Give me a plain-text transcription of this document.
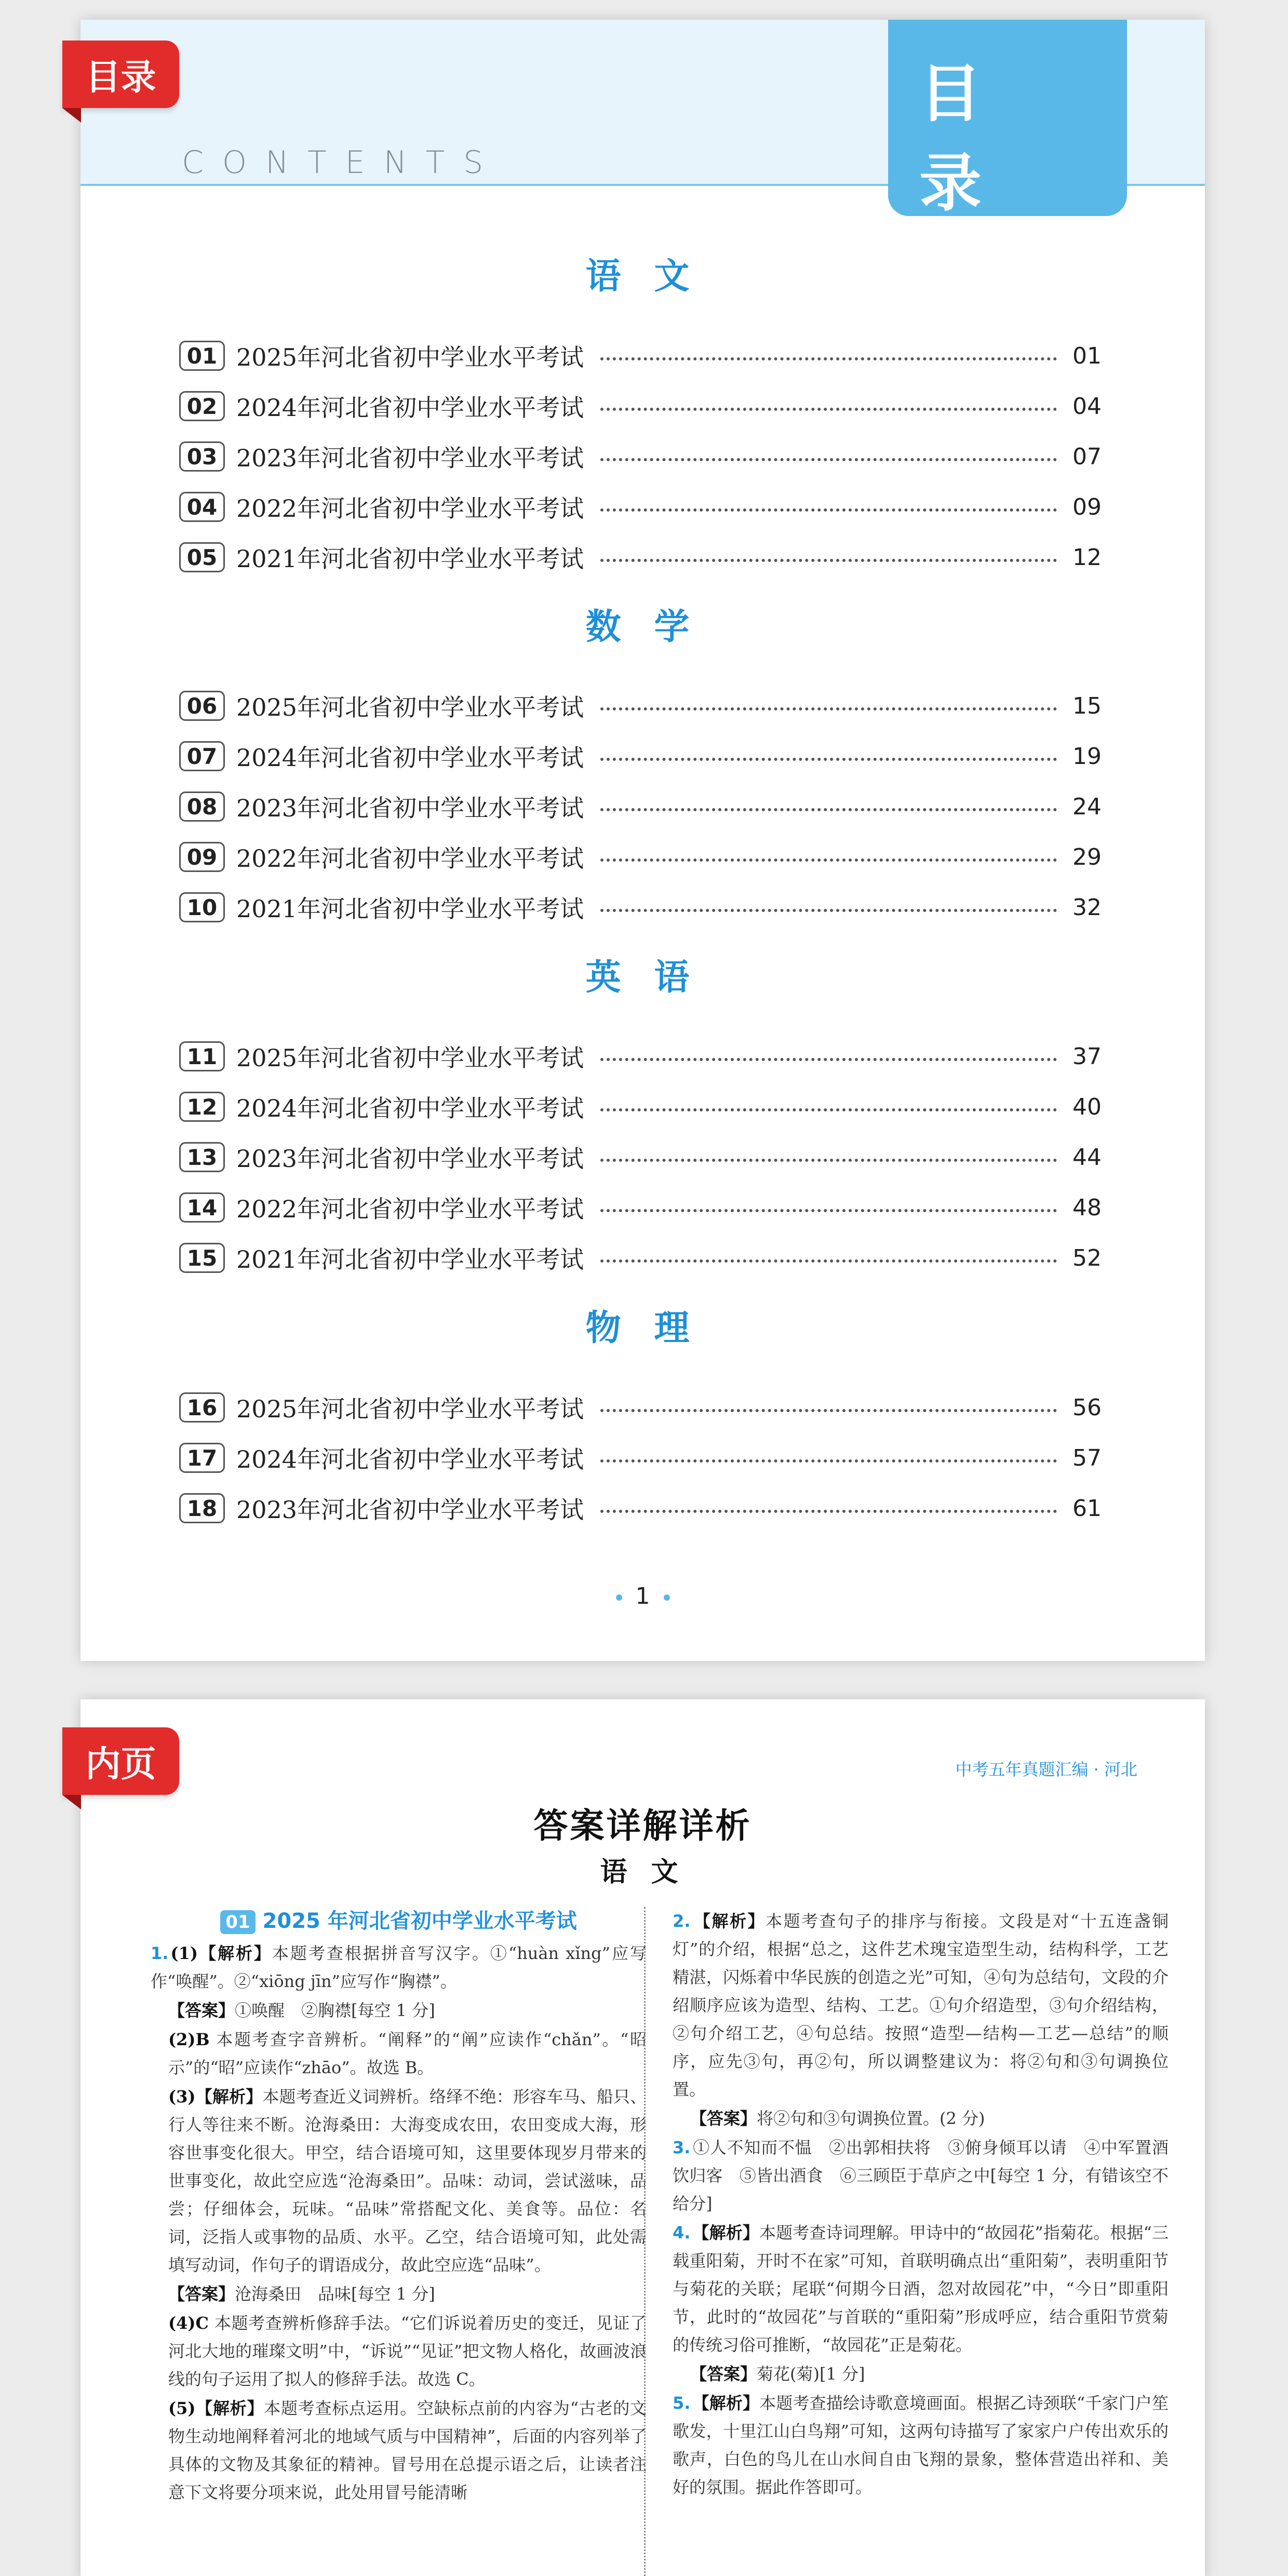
目录
CONTENTS
目 录
语 文
01 2025年河北省初中学业水平考试	01
02 2024年河北省初中学业水平考试	04
03 2023年河北省初中学业水平考试	07
04 2022年河北省初中学业水平考试	09
05 2021年河北省初中学业水平考试	12
数 学
06 2025年河北省初中学业水平考试	15
07 2024年河北省初中学业水平考试	19
08 2023年河北省初中学业水平考试	24
09 2022年河北省初中学业水平考试	29
10 2021年河北省初中学业水平考试	32
英 语
11 2025年河北省初中学业水平考试	37
12 2024年河北省初中学业水平考试	40
13 2023年河北省初中学业水平考试	44
14 2022年河北省初中学业水平考试	48
15 2021年河北省初中学业水平考试	52
物 理
16 2025年河北省初中学业水平考试	56
17 2024年河北省初中学业水平考试	57
18 2023年河北省初中学业水平考试	61
1
内页	中考五年真题汇编 · 河北
答案详解详析
语 文
01 2025 年河北省初中学业水平考试
1. (1)【解析】本题考查根据拼音写汉字。①“huàn xǐng”应写作“唤醒”。②“xiōng jīn”应写作“胸襟”。
【答案】①唤醒　②胸襟[每空 1 分]
(2)B 本题考查字音辨析。“阐释”的“阐”应读作“chǎn”。“昭示”的“昭”应读作“zhāo”。故选 B。
(3)【解析】本题考查近义词辨析。络绎不绝：形容车马、船只、行人等往来不断。沧海桑田：大海变成农田，农田变成大海，形容世事变化很大。甲空，结合语境可知，这里要体现岁月带来的世事变化，故此空应选“沧海桑田”。品味：动词，尝试滋味，品尝；仔细体会，玩味。“品味”常搭配文化、美食等。品位：名词，泛指人或事物的品质、水平。乙空，结合语境可知，此处需填写动词，作句子的谓语成分，故此空应选“品味”。
【答案】沧海桑田　品味[每空 1 分]
(4)C 本题考查辨析修辞手法。“它们诉说着历史的变迁，见证了河北大地的璀璨文明”中，“诉说”“见证”把文物人格化，故画波浪线的句子运用了拟人的修辞手法。故选 C。
(5)【解析】本题考查标点运用。空缺标点前的内容为“古老的文物生动地阐释着河北的地域气质与中国精神”，后面的内容列举了具体的文物及其象征的精神。冒号用在总提示语之后，让读者注意下文将要分项来说，此处用冒号能清晰
2. 【解析】本题考查句子的排序与衔接。文段是对“十五连盏铜灯”的介绍，根据“总之，这件艺术瑰宝造型生动，结构科学，工艺精湛，闪烁着中华民族的创造之光”可知，④句为总结句，文段的介绍顺序应该为造型、结构、工艺。①句介绍造型，③句介绍结构，②句介绍工艺，④句总结。按照“造型—结构—工艺—总结”的顺序，应先③句，再②句，所以调整建议为：将②句和③句调换位置。
【答案】将②句和③句调换位置。(2 分)
3. ①人不知而不愠　②出郭相扶将　③俯身倾耳以请　④中军置酒饮归客　⑤皆出酒食　⑥三顾臣于草庐之中[每空 1 分，有错该空不给分]
4. 【解析】本题考查诗词理解。甲诗中的“故园花”指菊花。根据“三载重阳菊，开时不在家”可知，首联明确点出“重阳菊”，表明重阳节与菊花的关联；尾联“何期今日酒，忽对故园花”中，“今日”即重阳节，此时的“故园花”与首联的“重阳菊”形成呼应，结合重阳节赏菊的传统习俗可推断，“故园花”正是菊花。
【答案】菊花(菊)[1 分]
5. 【解析】本题考查描绘诗歌意境画面。根据乙诗颈联“千家门户笙歌发，十里江山白鸟翔”可知，这两句诗描写了家家户户传出欢乐的歌声，白色的鸟儿在山水间自由飞翔的景象，整体营造出祥和、美好的氛围。据此作答即可。
